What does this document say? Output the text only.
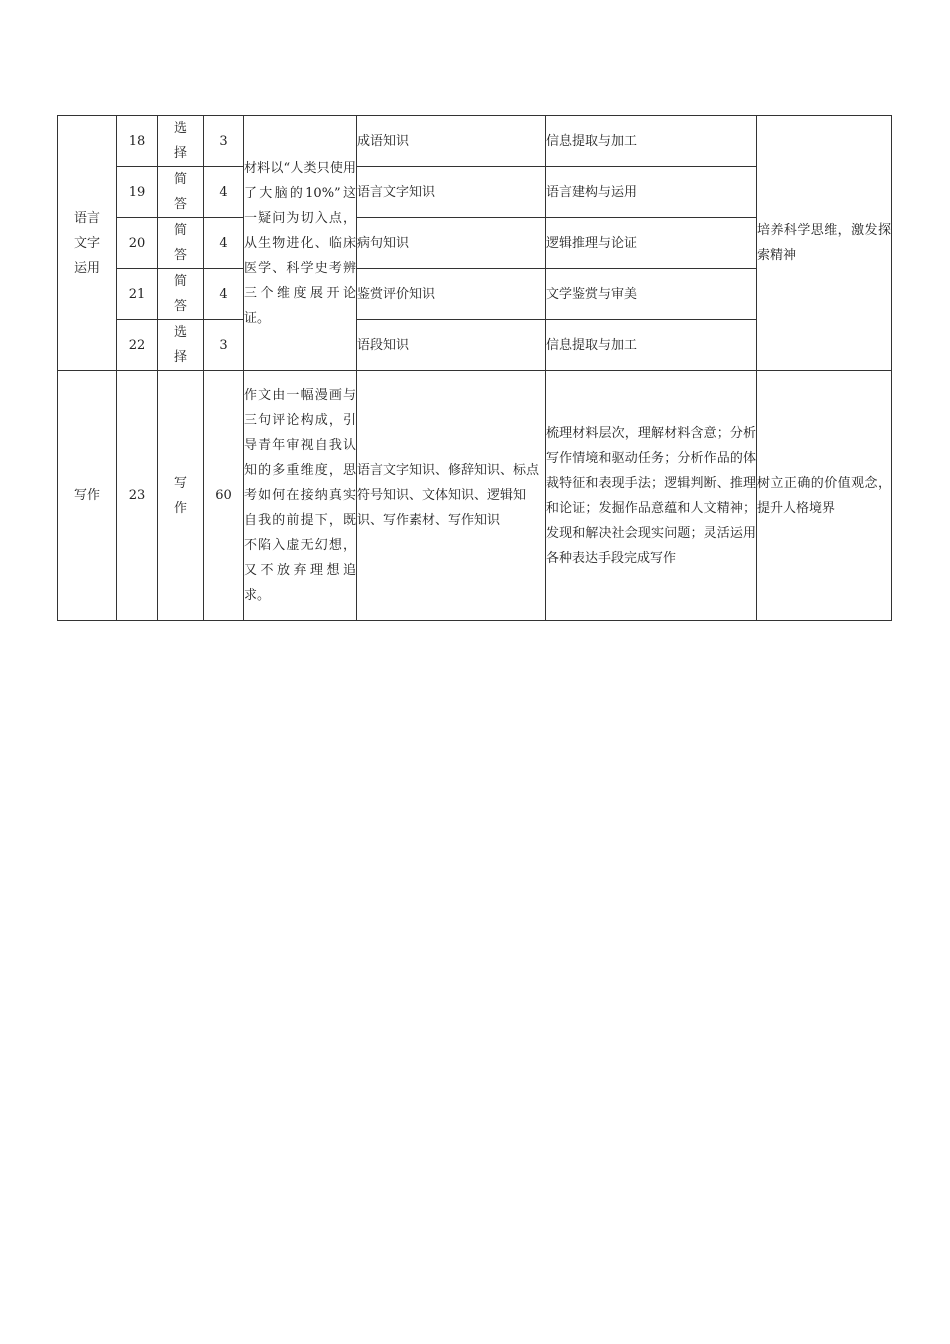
语言
文字
运用	18	选择	3	材料以“人类只使用了大脑的10%”这一疑问为切入点，从生物进化、临床医学、科学史考辨三个维度展开论证。	成语知识	信息提取与加工	培养科学思维，激发探索精神
	19	简答	4		语言文字知识	语言建构与运用	
	20	简答	4		病句知识	逻辑推理与论证	
	21	简答	4		鉴赏评价知识	文学鉴赏与审美	
	22	选择	3		语段知识	信息提取与加工	
写作	23	写作	60	作文由一幅漫画与三句评论构成，引导青年审视自我认知的多重维度，思考如何在接纳真实自我的前提下，既不陷入虚无幻想，又不放弃理想追求。	语言文字知识、修辞知识、标点符号知识、文体知识、逻辑知识、写作素材、写作知识	梳理材料层次，理解材料含意；分析写作情境和驱动任务；分析作品的体裁特征和表现手法；逻辑判断、推理和论证；发掘作品意蕴和人文精神；发现和解决社会现实问题；灵活运用各种表达手段完成写作	树立正确的价值观念，提升人格境界
